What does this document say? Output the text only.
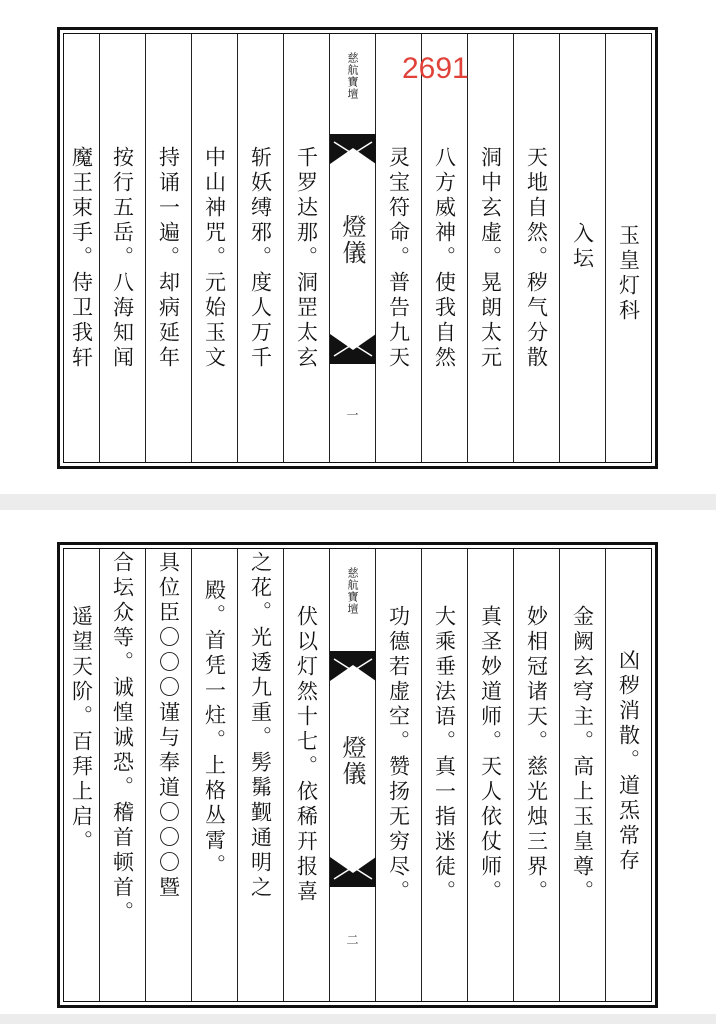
玉皇灯科
入坛
天地自然。秽气分散
洞中玄虚。晃朗太元
八方威神。使我自然
灵宝符命。普告九天
慈航寶壇
燈儀
一
千罗达那。洞罡太玄
斩妖缚邪。度人万千
中山神咒。元始玉文
持诵一遍。却病延年
按行五岳。八海知闻
魔王束手。侍卫我轩
2691
凶秽消散。道炁常存
金阙玄穹主。高上玉皇尊。
妙相冠诸天。慈光烛三界。
真圣妙道师。天人依仗师。
大乘垂法语。真一指迷徒。
功德若虚空。赞扬无穷尽。
慈航寶壇
燈儀
二
伏以灯然十七。依稀幵报喜
之花。光透九重。髣髴觐通明之
殿。首凭一炷。上格丛霄。
具位臣〇〇〇谨与奉道〇〇〇暨
合坛众等。诚惶诚恐。稽首顿首。
遥望天阶。百拜上启。
